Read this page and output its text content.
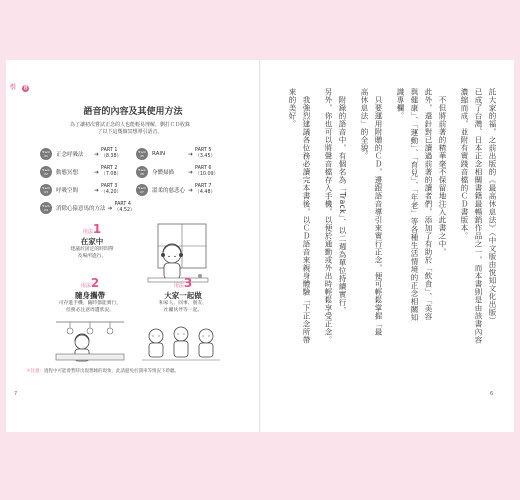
引 言
語音的內容及其使用方法
為了讓初次嘗試正念的人也能輕易理解，劉打ＣＤ收錄
了以下這幾個冥想導引語音。
Track
01	正念呼吸法	➜ PART 1
（8.38）
Track
02	動態冥想	➜ PART 2
（7.08）
Track
03	呼吸空間	➜ PART 3
（4.20）
Track
04	消除心猿意馬的方法 ➜ PART 4
（4.52）
Track
05	RAIN	➜ PART 5
（3.45）
Track
06	身體掃描	➜ PART 6
（10.09）
Track
07	溫柔的慈悲心 ➜ PART 7
（4.48）
用法1
在家中
建議於固定的時間帶
及場所進行。
用法2
隨身攜帶
可存進手機，隨時都能實行，
但務必注意周遭狀況。
用法3
大家一起做
和家人、同事、朋友、
社團伙伴等一起。
＊注意：過程中可能會暫時出現想睡的現象，此請避免於開車等情況下聆聽。
7
託大家的福，之前出版的《最高休息法》（中文版由悅知文化出版）
已成了台灣、日本正念相關書籍最暢銷作品之一，而本書則是由該書內容
濃縮而成，並附有實踐音檔的ＣＤ書版本。
不但將前著的精華毫不保留地注入此書之中，
此外，還針對已讀過前著的讀者們，添加了有助於「飲食」、「美容
與健康」、「運動」、「育兒」、「年老」等各種生活情境的正念相關知
識專欄。
只要運用附贈的ＣＤ，邊跟語音導引來實行正念，便可輕鬆掌握「最
高休息法」的全貌。
附錄的語音中，有個名為「Track」、以二週為單位持續實行，
另外，你也可以將聲音檔存入手機，以便於通勤或外出時輕鬆享受正念。
我強烈建議各位務必讀完本書後，以ＣＤ語音來親身體驗「下正念所帶
來的美好。
6
